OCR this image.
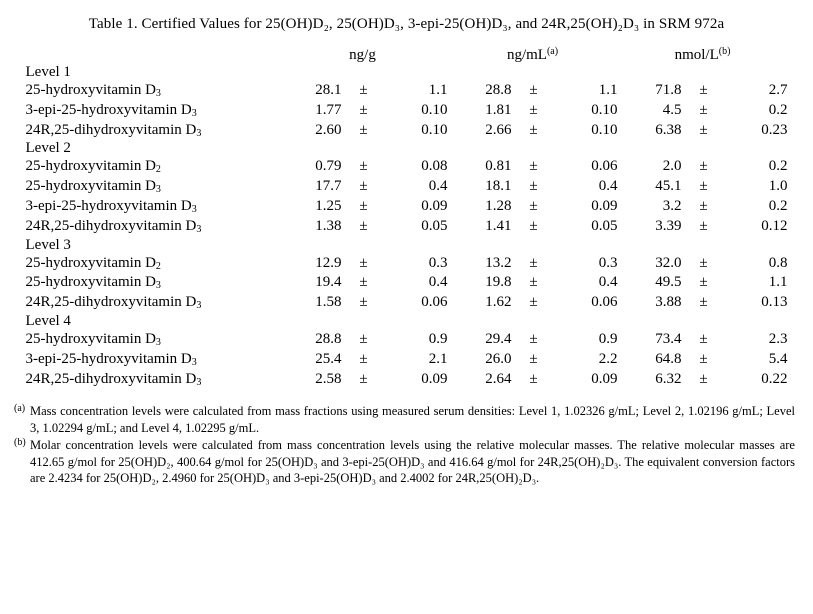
Table 1. Certified Values for 25(OH)D₂, 25(OH)D₃, 3-epi-25(OH)D₃, and 24R,25(OH)₂D₃ in SRM 972a
	ng/g			$ng/mL^{(a)}$			nmol/$L^{(b)}$
Level 1									
25-hydroxyvitamin $D_3$	28.1	±	1.1	28.8	±	1.1	71.8	±	2.7
3-epi-25-hydroxyvitamin $D_3$	1.77	±	0.10	1.81	±	0.10	4.5	±	0.2
24R,25-dihydroxyvitamin $D_3$	2.60	±	0.10	2.66	±	0.10	6.38	±	0.23
Level 2									
25-hydroxyvitamin $D_2$	0.79	±	0.08	0.81	±	0.06	2.0	±	0.2
25-hydroxyvitamin $D_3$	17.7	±	0.4	18.1	±	0.4	45.1	±	1.0
3-epi-25-hydroxyvitamin $D_3$	1.25	±	0.09	1.28	±	0.09	3.2	±	0.2
24R,25-dihydroxyvitamin $D_3$	1.38	±	0.05	1.41	±	0.05	3.39	±	0.12
Level 3									
25-hydroxyvitamin $D_2$	12.9	±	0.3	13.2	±	0.3	32.0	±	0.8
25-hydroxyvitamin $D_3$	19.4	±	0.4	19.8	±	0.4	49.5	±	1.1
24R,25-dihydroxyvitamin $D_3$	1.58	±	0.06	1.62	±	0.06	3.88	±	0.13
Level 4									
25-hydroxyvitamin $D_3$	28.8	±	0.9	29.4	±	0.9	73.4	±	2.3
3-epi-25-hydroxyvitamin $D_3$	25.4	±	2.1	26.0	±	2.2	64.8	±	5.4
24R,25-dihydroxyvitamin $D_3$	2.58	±	0.09	2.64	±	0.09	6.32	±	0.22
(a) Mass concentration levels were calculated from mass fractions using measured serum densities: Level 1, 1.02326 g/mL; Level 2, 1.02196 g/mL; Level 3, 1.02294 g/mL; and Level 4, 1.02295 g/mL.
(b) Molar concentration levels were calculated from mass concentration levels using the relative molecular masses. The relative molecular masses are 412.65 g/mol for 25(OH)D₂, 400.64 g/mol for 25(OH)D₃ and 3-epi-25(OH)D₃ and 416.64 g/mol for 24R,25(OH)₂D₃. The equivalent conversion factors are 2.4234 for 25(OH)D₂, 2.4960 for 25(OH)D₃ and 3-epi-25(OH)D₃ and 2.4002 for 24R,25(OH)₂D₃.
